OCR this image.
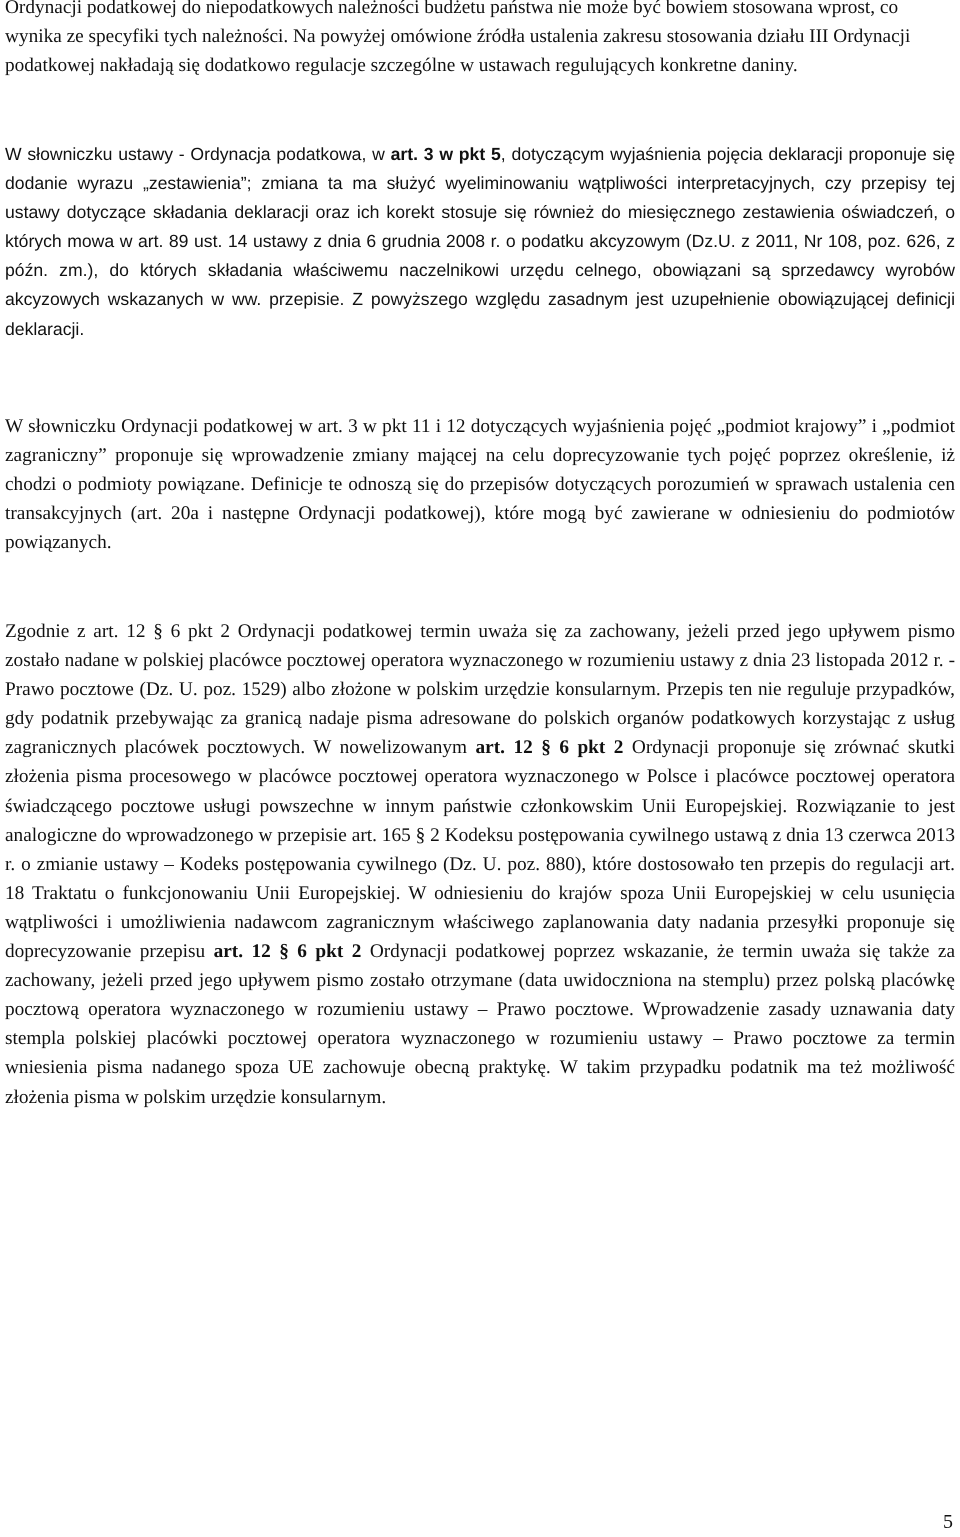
Ordynacji podatkowej do niepodatkowych należności budżetu państwa nie może być bowiem stosowana wprost, co wynika ze specyfiki tych należności. Na powyżej omówione źródła ustalenia zakresu stosowania działu III Ordynacji podatkowej nakładają się dodatkowo regulacje szczególne w ustawach regulujących konkretne daniny.

W słowniczku ustawy - Ordynacja podatkowa, w art. 3 w pkt 5, dotyczącym wyjaśnienia pojęcia deklaracji proponuje się dodanie wyrazu „zestawienia”; zmiana ta ma służyć wyeliminowaniu wątpliwości interpretacyjnych, czy przepisy tej ustawy dotyczące składania deklaracji oraz ich korekt stosuje się również do miesięcznego zestawienia oświadczeń, o których mowa w art. 89 ust. 14 ustawy z dnia 6 grudnia 2008 r. o podatku akcyzowym (Dz.U. z 2011, Nr 108, poz. 626, z późn. zm.), do których składania właściwemu naczelnikowi urzędu celnego, obowiązani są sprzedawcy wyrobów akcyzowych wskazanych w ww. przepisie. Z powyższego względu zasadnym jest uzupełnienie obowiązującej definicji deklaracji.

W słowniczku Ordynacji podatkowej w art. 3 w pkt 11 i 12 dotyczących wyjaśnienia pojęć „podmiot krajowy” i „podmiot zagraniczny” proponuje się wprowadzenie zmiany mającej na celu doprecyzowanie tych pojęć poprzez określenie, iż chodzi o podmioty powiązane. Definicje te odnoszą się do przepisów dotyczących porozumień w sprawach ustalenia cen transakcyjnych (art. 20a i następne Ordynacji podatkowej), które mogą być zawierane w odniesieniu do podmiotów powiązanych.

Zgodnie z art. 12 § 6 pkt 2 Ordynacji podatkowej termin uważa się za zachowany, jeżeli przed jego upływem pismo zostało nadane w polskiej placówce pocztowej operatora wyznaczonego w rozumieniu ustawy z dnia 23 listopada 2012 r. - Prawo pocztowe (Dz. U. poz. 1529) albo złożone w polskim urzędzie konsularnym. Przepis ten nie reguluje przypadków, gdy podatnik przebywając za granicą nadaje pisma adresowane do polskich organów podatkowych korzystając z usług zagranicznych placówek pocztowych. W nowelizowanym art. 12 § 6 pkt 2 Ordynacji proponuje się zrównać skutki złożenia pisma procesowego w placówce pocztowej operatora wyznaczonego w Polsce i placówce pocztowej operatora świadczącego pocztowe usługi powszechne w innym państwie członkowskim Unii Europejskiej. Rozwiązanie to jest analogiczne do wprowadzonego w przepisie art. 165 § 2 Kodeksu postępowania cywilnego ustawą z dnia 13 czerwca 2013 r. o zmianie ustawy – Kodeks postępowania cywilnego (Dz. U. poz. 880), które dostosowało ten przepis do regulacji art. 18 Traktatu o funkcjonowaniu Unii Europejskiej. W odniesieniu do krajów spoza Unii Europejskiej w celu usunięcia wątpliwości i umożliwienia nadawcom zagranicznym właściwego zaplanowania daty nadania przesyłki proponuje się doprecyzowanie przepisu art. 12 § 6 pkt 2 Ordynacji podatkowej poprzez wskazanie, że termin uważa się także za zachowany, jeżeli przed jego upływem pismo zostało otrzymane (data uwidoczniona na stemplu) przez polską placówkę pocztową operatora wyznaczonego w rozumieniu ustawy – Prawo pocztowe. Wprowadzenie zasady uznawania daty stempla polskiej placówki pocztowej operatora wyznaczonego w rozumieniu ustawy – Prawo pocztowe za termin wniesienia pisma nadanego spoza UE zachowuje obecną praktykę. W takim przypadku podatnik ma też możliwość złożenia pisma w polskim urzędzie konsularnym.

5
